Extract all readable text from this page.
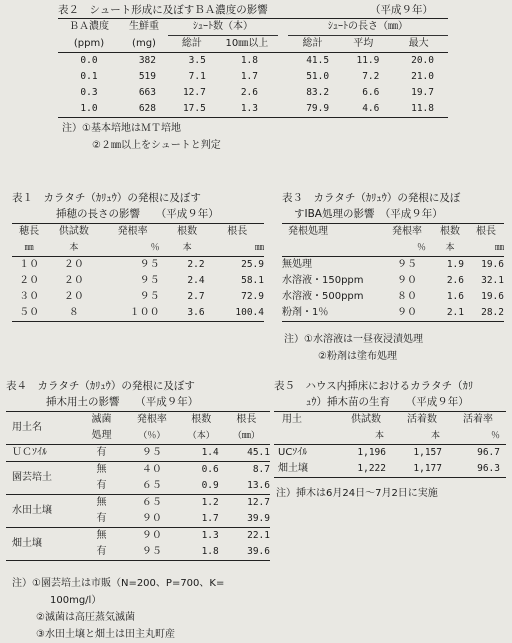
表２　シュート形成に及ぼすＢＡ濃度の影響	（平成９年）
ＢＡ濃度	生鮮重	ｼｭｰﾄ数（本）			ｼｭｰﾄの長さ（㎜）		
(ppm)	(mg)	総計	10㎜以上		総計	平均	最大
0.0	382	3.5	1.8		41.5	11.9	20.0
0.1	519	7.1	1.7		51.0	7.2	21.0
0.3	663	12.7	2.6		83.2	6.6	19.7
1.0	628	17.5	1.3		79.9	4.6	11.8
注）①基本培地はＭＴ培地
②２㎜以上をシュートと判定
表１　カラタチ（ｶﾘｭｳ）の発根に及ぼす
挿穂の長さの影響　　（平成９年）
穂長	供試数	発根率	根数	根長
㎜	本	％	本	㎜
１０	２０	９５	2.2	25.9
２０	２０	９５	2.4	58.1
３０	２０	９５	2.7	72.9
５０	８	１００	3.6	100.4
表３　カラタチ（ｶﾘｭｳ）の発根に及ぼ
すIBA処理の影響　（平成９年）
発根処理	発根率	根数	根長
	％	本	㎜
無処理	９５	1.9	19.6
水溶液・150ppm	９０	2.6	32.1
水溶液・500ppm	８０	1.6	19.6
粉剤・1％	９０	2.1	28.2
注）①水溶液は一昼夜浸漬処理
②粉剤は塗布処理
表４　カラタチ（ｶﾘｭｳ）の発根に及ぼす
挿木用土の影響　　（平成９年）
用土名	滅菌	発根率	根数	根長
	処理	（％）	（本）	（㎜）
ＵＣｿｲﾙ	有	９５	1.4	45.1
園芸培土	無	４０	0.6	8.7
	有	６５	0.9	13.6
水田土壌	無	６５	1.2	12.7
	有	９０	1.7	39.9
畑土壌	無	９０	1.3	22.1
	有	９５	1.8	39.6
注）①園芸培土は市販（N=200、P=700、K=
100mg/l）
②滅菌は高圧蒸気滅菌
③水田土壌と畑土は田主丸町産
表５　ハウス内挿床におけるカラタチ（ｶﾘ
ｭｳ）挿木苗の生育　　（平成９年）
用土	供試数	活着数	活着率
	本	本	％
UCｿｲﾙ	1,196	1,157	96.7
畑土壌	1,222	1,177	96.3
注）挿木は6月24日～7月2日に実施
